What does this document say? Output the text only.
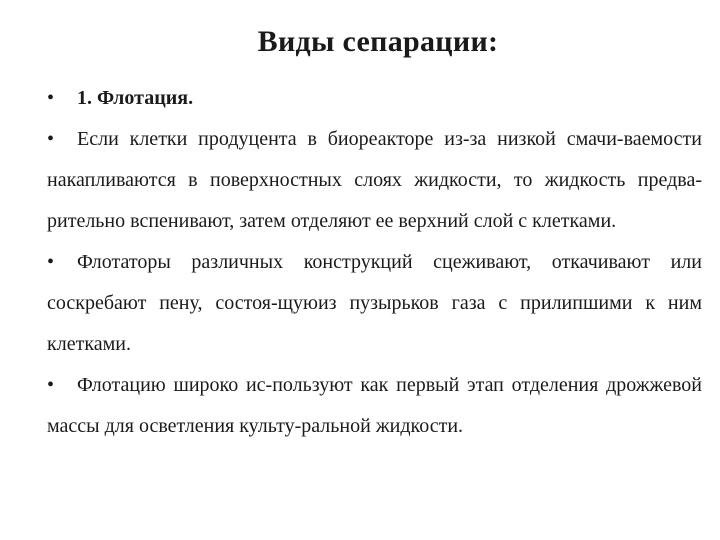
Виды сепарации:

• 1. Флотация.

• Если клетки продуцента в биореакторе из-за низкой смачи-ваемости накапливаются в поверхностных слоях жидкости, то жидкость предва-рительно вспенивают, затем отделяют ее верхний слой с клетками.

• Флотаторы различных конструкций сцеживают, откачивают или соскребают пену, состоя-щуюиз пузырьков газа с прилипшими к ним клетками.

• Флотацию широко ис-пользуют как первый этап отделения дрожжевой массы для осветления культу-ральной жидкости.
